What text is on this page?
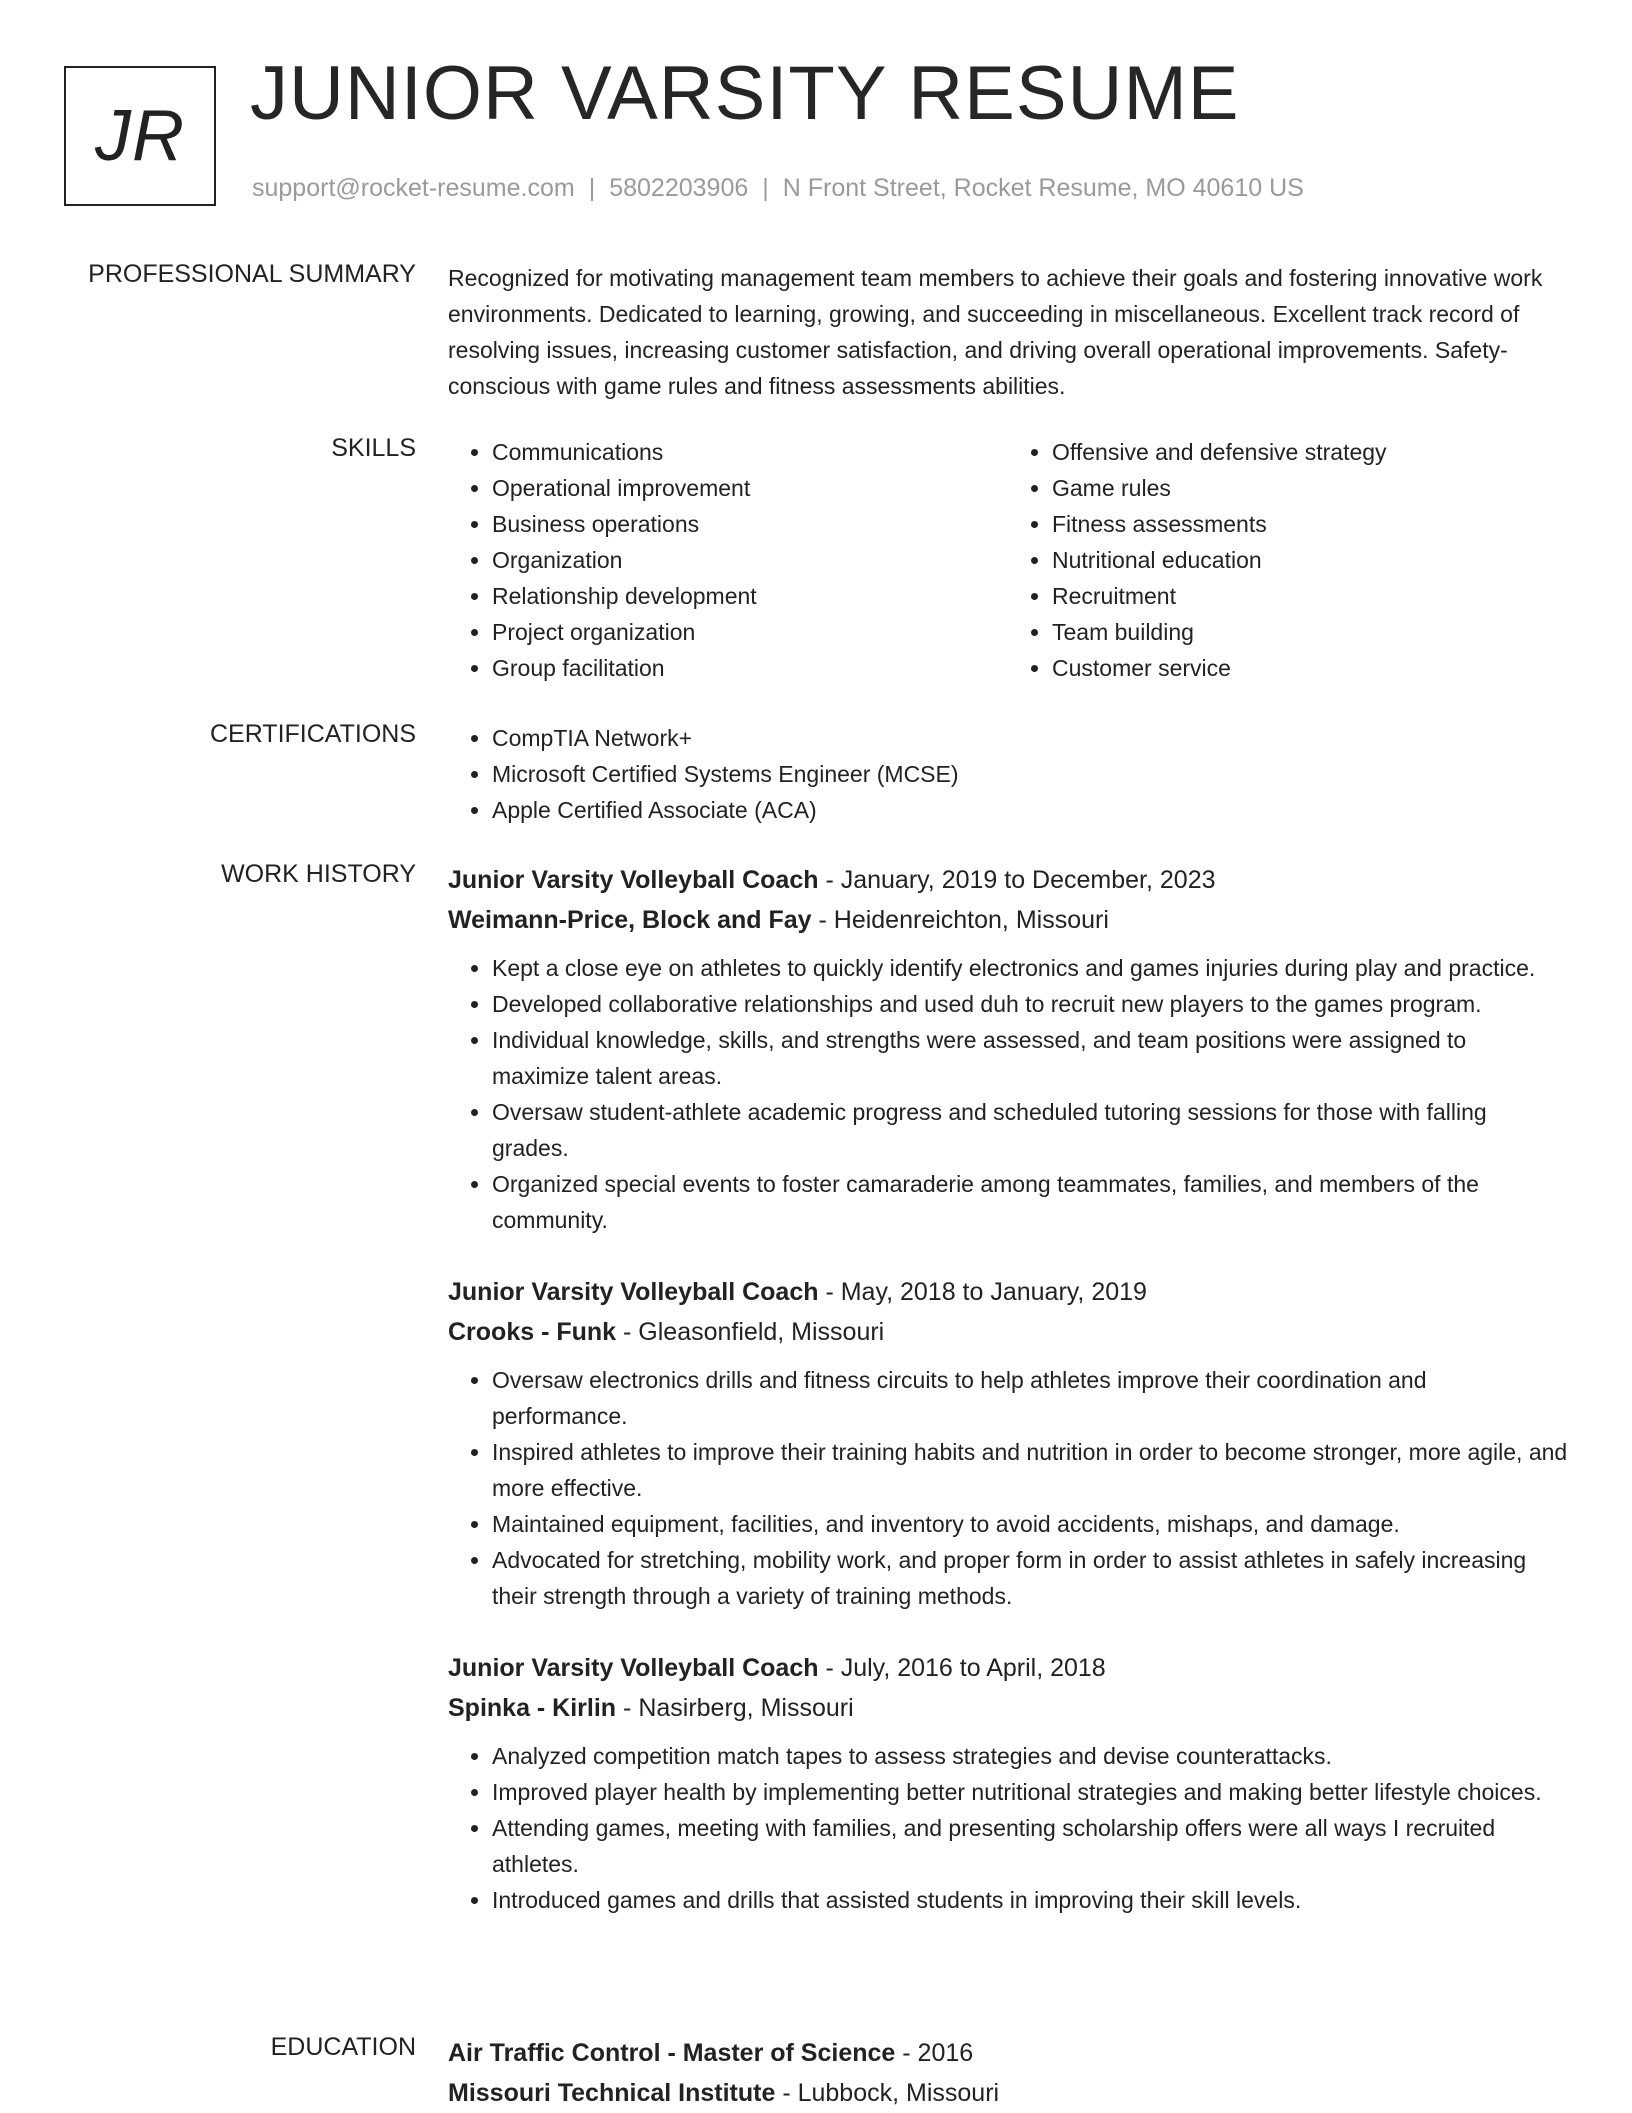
JR JUNIOR VARSITY RESUME
support@rocket-resume.com | 5802203906 | N Front Street, Rocket Resume, MO 40610 US
PROFESSIONAL SUMMARY Recognized for motivating management team members to achieve their goals and fostering innovative work environments. Dedicated to learning, growing, and succeeding in miscellaneous. Excellent track record of resolving issues, increasing customer satisfaction, and driving overall operational improvements. Safety-conscious with game rules and fitness assessments abilities.

SKILLS	• Communications
• Operational improvement
• Business operations
• Organization
• Relationship development
• Project organization
• Group facilitation
• Offensive and defensive strategy
• Game rules
• Fitness assessments
• Nutritional education
• Recruitment
• Team building
• Customer service
CERTIFICATIONS	• CompTIA Network+
• Microsoft Certified Systems Engineer (MCSE)
• Apple Certified Associate (ACA)
WORK HISTORY Junior Varsity Volleyball Coach - January, 2019 to December, 2023
Weimann-Price, Block and Fay - Heidenreichton, Missouri
• Kept a close eye on athletes to quickly identify electronics and games injuries during play and practice.
• Developed collaborative relationships and used duh to recruit new players to the games program.
• Individual knowledge, skills, and strengths were assessed, and team positions were assigned to maximize talent areas.
• Oversaw student-athlete academic progress and scheduled tutoring sessions for those with falling grades.
• Organized special events to foster camaraderie among teammates, families, and members of the community.
Junior Varsity Volleyball Coach - May, 2018 to January, 2019
Crooks - Funk - Gleasonfield, Missouri
• Oversaw electronics drills and fitness circuits to help athletes improve their coordination and performance.
• Inspired athletes to improve their training habits and nutrition in order to become stronger, more agile, and more effective.
• Maintained equipment, facilities, and inventory to avoid accidents, mishaps, and damage.
• Advocated for stretching, mobility work, and proper form in order to assist athletes in safely increasing their strength through a variety of training methods.
Junior Varsity Volleyball Coach - July, 2016 to April, 2018
Spinka - Kirlin - Nasirberg, Missouri
• Analyzed competition match tapes to assess strategies and devise counterattacks.
• Improved player health by implementing better nutritional strategies and making better lifestyle choices.
• Attending games, meeting with families, and presenting scholarship offers were all ways I recruited athletes.
• Introduced games and drills that assisted students in improving their skill levels.
EDUCATION Air Traffic Control - Master of Science - 2016
Missouri Technical Institute - Lubbock, Missouri
